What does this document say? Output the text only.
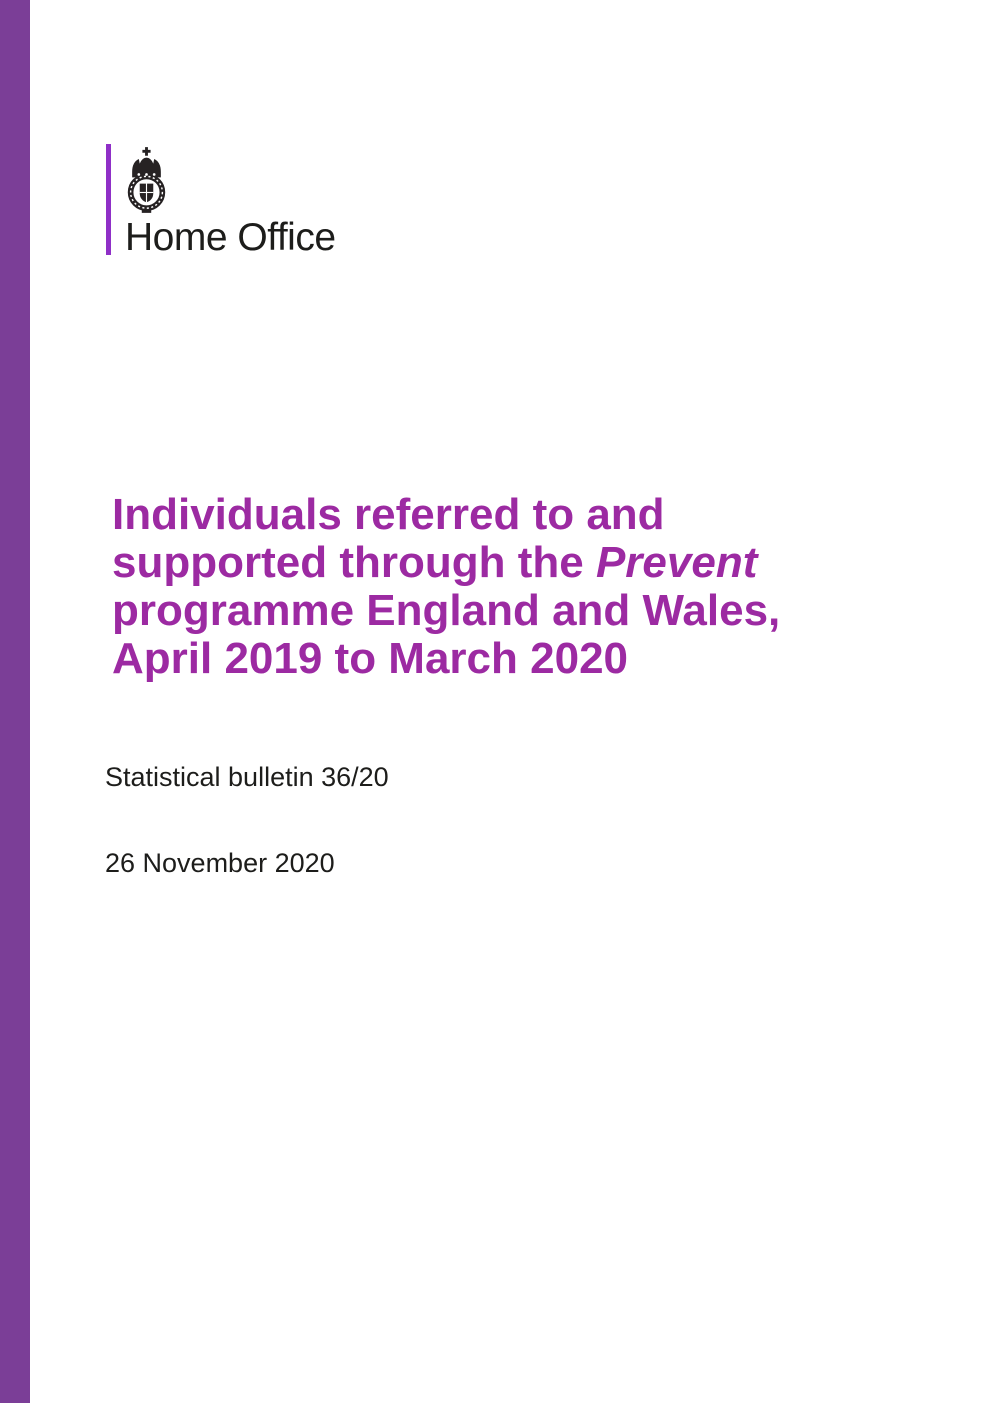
Home Office
Individuals referred to and
supported through the Prevent
programme England and Wales,
April 2019 to March 2020

Statistical bulletin 36/20

26 November 2020
